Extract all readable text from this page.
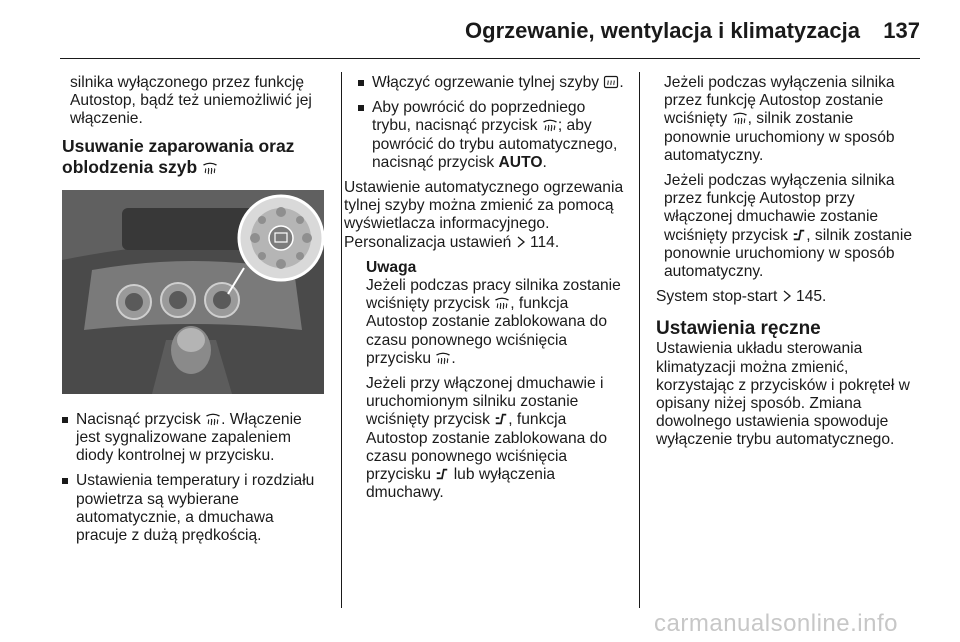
Ogrzewanie, wentylacja i klimatyzacja 137

silnika wyłączonego przez funkcję Autostop, bądź też uniemożliwić jej włączenie.

Usuwanie zaparowania oraz oblodzenia szyb
Nacisnąć przycisk . Włączenie jest sygnalizowane zapaleniem diody kontrolnej w przycisku.
Ustawienia temperatury i rozdziału powietrza są wybierane automatycznie, a dmuchawa pracuje z dużą prędkością.
Włączyć ogrzewanie tylnej szyby .
Aby powrócić do poprzedniego trybu, nacisnąć przycisk ; aby powrócić do trybu automatycznego, nacisnąć przycisk AUTO.

Ustawienie automatycznego ogrzewania tylnej szyby można zmienić za pomocą wyświetlacza informacyjnego. Personalizacja ustawień 114.

Uwaga

Jeżeli podczas pracy silnika zostanie wciśnięty przycisk , funkcja Autostop zostanie zablokowana do czasu ponownego wciśnięcia przycisku .

Jeżeli przy włączonej dmuchawie i uruchomionym silniku zostanie wciśnięty przycisk , funkcja Autostop zostanie zablokowana do czasu ponownego wciśnięcia przycisku lub wyłączenia dmuchawy.

Jeżeli podczas wyłączenia silnika przez funkcję Autostop zostanie wciśnięty , silnik zostanie ponownie uruchomiony w sposób automatyczny.

Jeżeli podczas wyłączenia silnika przez funkcję Autostop przy włączonej dmuchawie zostanie wciśnięty przycisk , silnik zostanie ponownie uruchomiony w sposób automatyczny.

System stop-start 145.

Ustawienia ręczne

Ustawienia układu sterowania klimatyzacji można zmienić, korzystając z przycisków i pokręteł w opisany niżej sposób. Zmiana dowolnego ustawienia spowoduje wyłączenie trybu automatycznego.

carmanualsonline.info
